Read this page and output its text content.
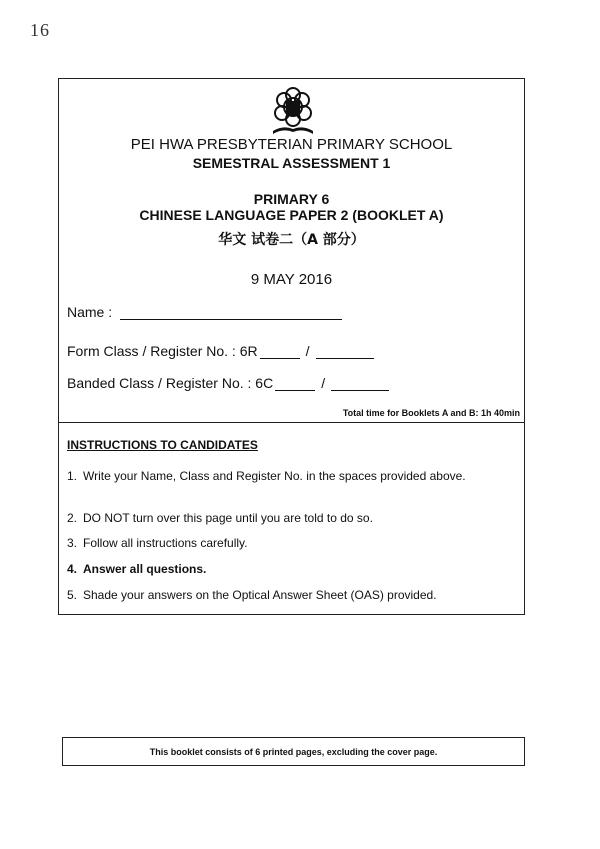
16
PEI HWA PRESBYTERIAN PRIMARY SCHOOL
SEMESTRAL ASSESSMENT 1
PRIMARY 6
CHINESE LANGUAGE PAPER 2 (BOOKLET A)
华文 试卷二（A 部分）
9 MAY 2016
Name :
Form Class / Register No. : 6R	/
Banded Class / Register No. : 6C	/
Total time for Booklets A and B: 1h 40min
INSTRUCTIONS TO CANDIDATES
1. Write your Name, Class and Register No. in the spaces provided above.
2. DO NOT turn over this page until you are told to do so.
3. Follow all instructions carefully.
4. Answer all questions.
5. Shade your answers on the Optical Answer Sheet (OAS) provided.
This booklet consists of 6 printed pages, excluding the cover page.
